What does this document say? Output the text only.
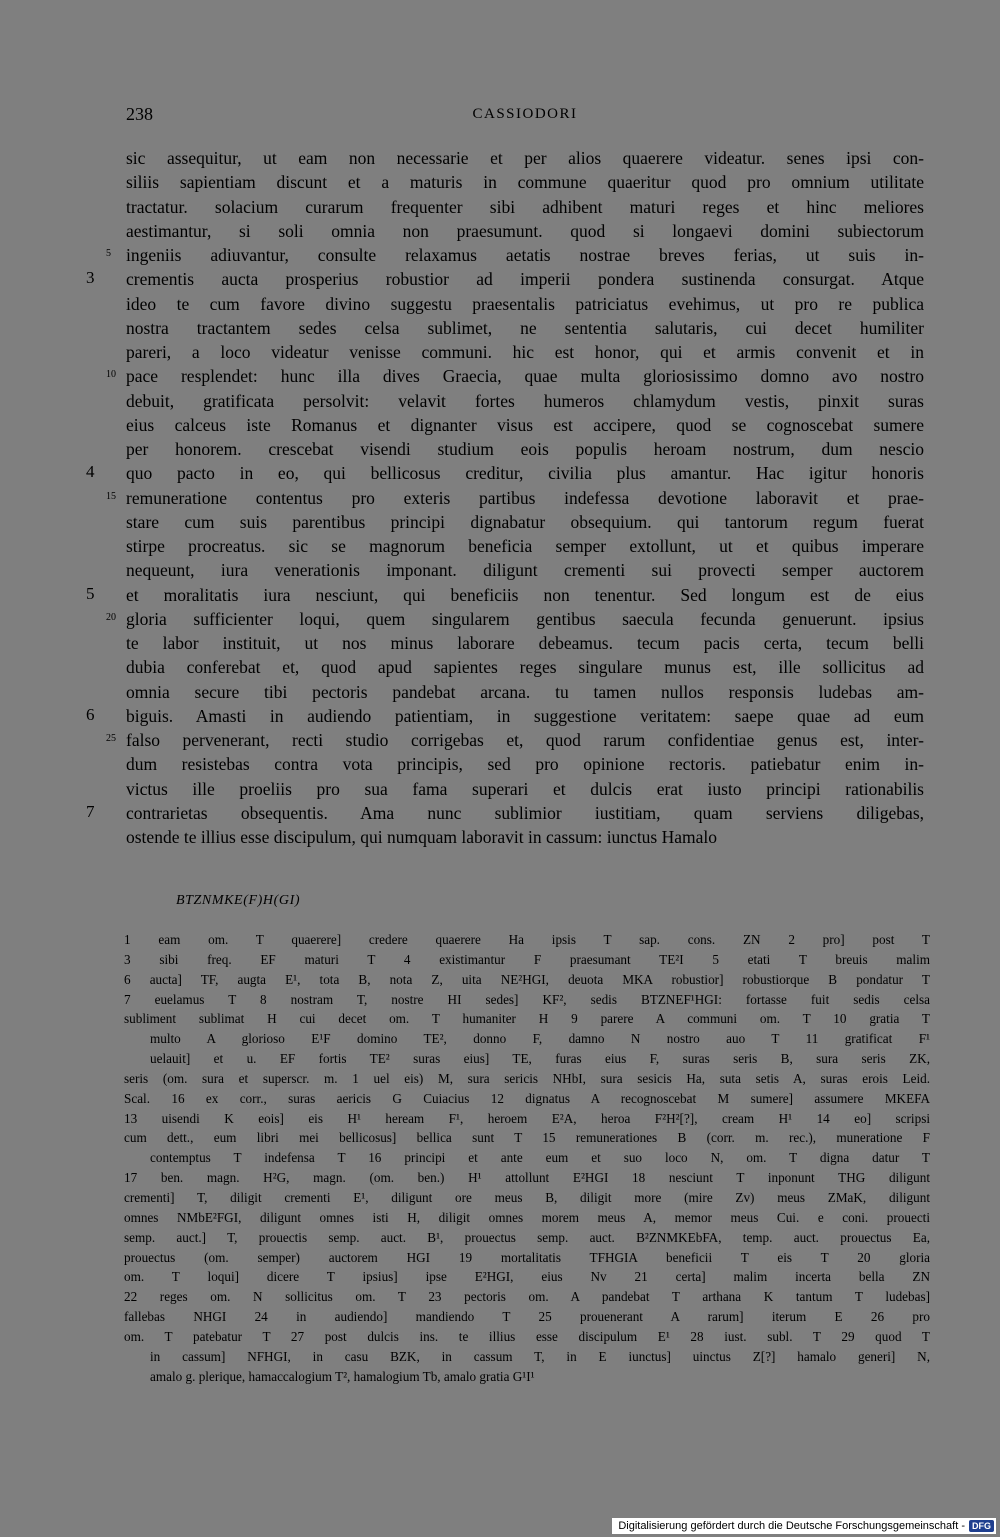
238	CASSIODORI
sic assequitur, ut eam non necessarie et per alios quaerere videatur. senes ipsi con-
siliis sapientiam discunt et a maturis in commune quaeritur quod pro omnium utilitate
tractatur. solacium curarum frequenter sibi adhibent maturi reges et hinc meliores
aestimantur, si soli omnia non praesumunt. quod si longaevi domini subiectorum
5 ingeniis adiuvantur, consulte relaxamus aetatis nostrae breves ferias, ut suis in-
3 crementis aucta prosperius robustior ad imperii pondera sustinenda consurgat. Atque
ideo te cum favore divino suggestu praesentalis patriciatus evehimus, ut pro re publica
nostra tractantem sedes celsa sublimet, ne sententia salutaris, cui decet humiliter
pareri, a loco videatur venisse communi. hic est honor, qui et armis convenit et in
10 pace resplendet: hunc illa dives Graecia, quae multa gloriosissimo domno avo nostro
debuit, gratificata persolvit: velavit fortes humeros chlamydum vestis, pinxit suras
eius calceus iste Romanus et dignanter visus est accipere, quod se cognoscebat sumere
per honorem. crescebat visendi studium eois populis heroam nostrum, dum nescio
4 quo pacto in eo, qui bellicosus creditur, civilia plus amantur. Hac igitur honoris
15 remuneratione contentus pro exteris partibus indefessa devotione laboravit et prae-
stare cum suis parentibus principi dignabatur obsequium. qui tantorum regum fuerat
stirpe procreatus. sic se magnorum beneficia semper extollunt, ut et quibus imperare
nequeunt, iura venerationis imponant. diligunt crementi sui provecti semper auctorem
5 et moralitatis iura nesciunt, qui beneficiis non tenentur. Sed longum est de eius
20 gloria sufficienter loqui, quem singularem gentibus saecula fecunda genuerunt. ipsius
te labor instituit, ut nos minus laborare debeamus. tecum pacis certa, tecum belli
dubia conferebat et, quod apud sapientes reges singulare munus est, ille sollicitus ad
omnia secure tibi pectoris pandebat arcana. tu tamen nullos responsis ludebas am-
6 biguis. Amasti in audiendo patientiam, in suggestione veritatem: saepe quae ad eum
25 falso pervenerant, recti studio corrigebas et, quod rarum confidentiae genus est, inter-
dum resistebas contra vota principis, sed pro opinione rectoris. patiebatur enim in-
victus ille proeliis pro sua fama superari et dulcis erat iusto principi rationabilis
7 contrarietas obsequentis. Ama nunc sublimior iustitiam, quam serviens diligebas,
ostende te illius esse discipulum, qui numquam laboravit in cassum: iunctus Hamalo
BTZNMKE(F)H(GI)
1 eam om. T quaerere] credere quaerere Ha ipsis T sap. cons. ZN 2 pro] post T
3 sibi freq. EF maturi T 4 existimantur F praesumant TE²I 5 etati T breuis malim
6 aucta] TF, augta E¹, tota B, nota Z, uita NE²HGI, deuota MKA robustior] robustiorque B pondatur T
7 euelamus T 8 nostram T, nostre HI sedes] KF², sedis BTZNEF¹HGI: fortasse fuit sedis celsa
subliment sublimat H cui decet om. T humaniter H 9 parere A communi om. T 10 gratia T
multo A glorioso E¹F domino TE², donno F, damno N nostro auo T 11 gratificat F¹
uelauit] et u. EF fortis TE² suras eius] TE, furas eius F, suras seris B, sura seris ZK,
seris (om. sura et superscr. m. 1 uel eis) M, sura sericis NHbI, sura sesicis Ha, suta setis A, suras erois Leid.
Scal. 16 ex corr., suras aericis G Cuiacius 12 dignatus A recognoscebat M sumere] assumere MKEFA
13 uisendi K eois] eis H¹ heream F¹, heroem E²A, heroa F²H²[?], cream H¹ 14 eo] scripsi
cum dett., eum libri mei bellicosus] bellica sunt T 15 remunerationes B (corr. m. rec.), muneratione F
contemptus T indefensa T 16 principi et ante eum et suo loco N, om. T digna datur T
17 ben. magn. H²G, magn. (om. ben.) H¹ attollunt E²HGI 18 nesciunt T inponunt THG diligunt
crementi] T, diligit crementi E¹, diligunt ore meus B, diligit more (mire Zv) meus ZMaK, diligunt
omnes NMbE²FGI, diligunt omnes isti H, diligit omnes morem meus A, memor meus Cui. e coni. prouecti
semp. auct.] T, prouectis semp. auct. B¹, prouectus semp. auct. B²ZNMKEbFA, temp. auct. prouectus Ea,
prouectus (om. semper) auctorem HGI 19 mortalitatis TFHGIA beneficii T eis T 20 gloria
om. T loqui] dicere T ipsius] ipse E²HGI, eius Nv 21 certa] malim incerta bella ZN
22 reges om. N sollicitus om. T 23 pectoris om. A pandebat T arthana K tantum T ludebas]
fallebas NHGI 24 in audiendo] mandiendo T 25 prouenerant A rarum] iterum E 26 pro
om. T patebatur T 27 post dulcis ins. te illius esse discipulum E¹ 28 iust. subl. T 29 quod T
in cassum] NFHGI, in casu BZK, in cassum T, in E iunctus] uinctus Z[?] hamalo generi] N,
amalo g. plerique, hamaccalogium T², hamalogium Tb, amalo gratia G¹I¹
Digitalisierung gefördert durch die Deutsche Forschungsgemeinschaft - DFG
